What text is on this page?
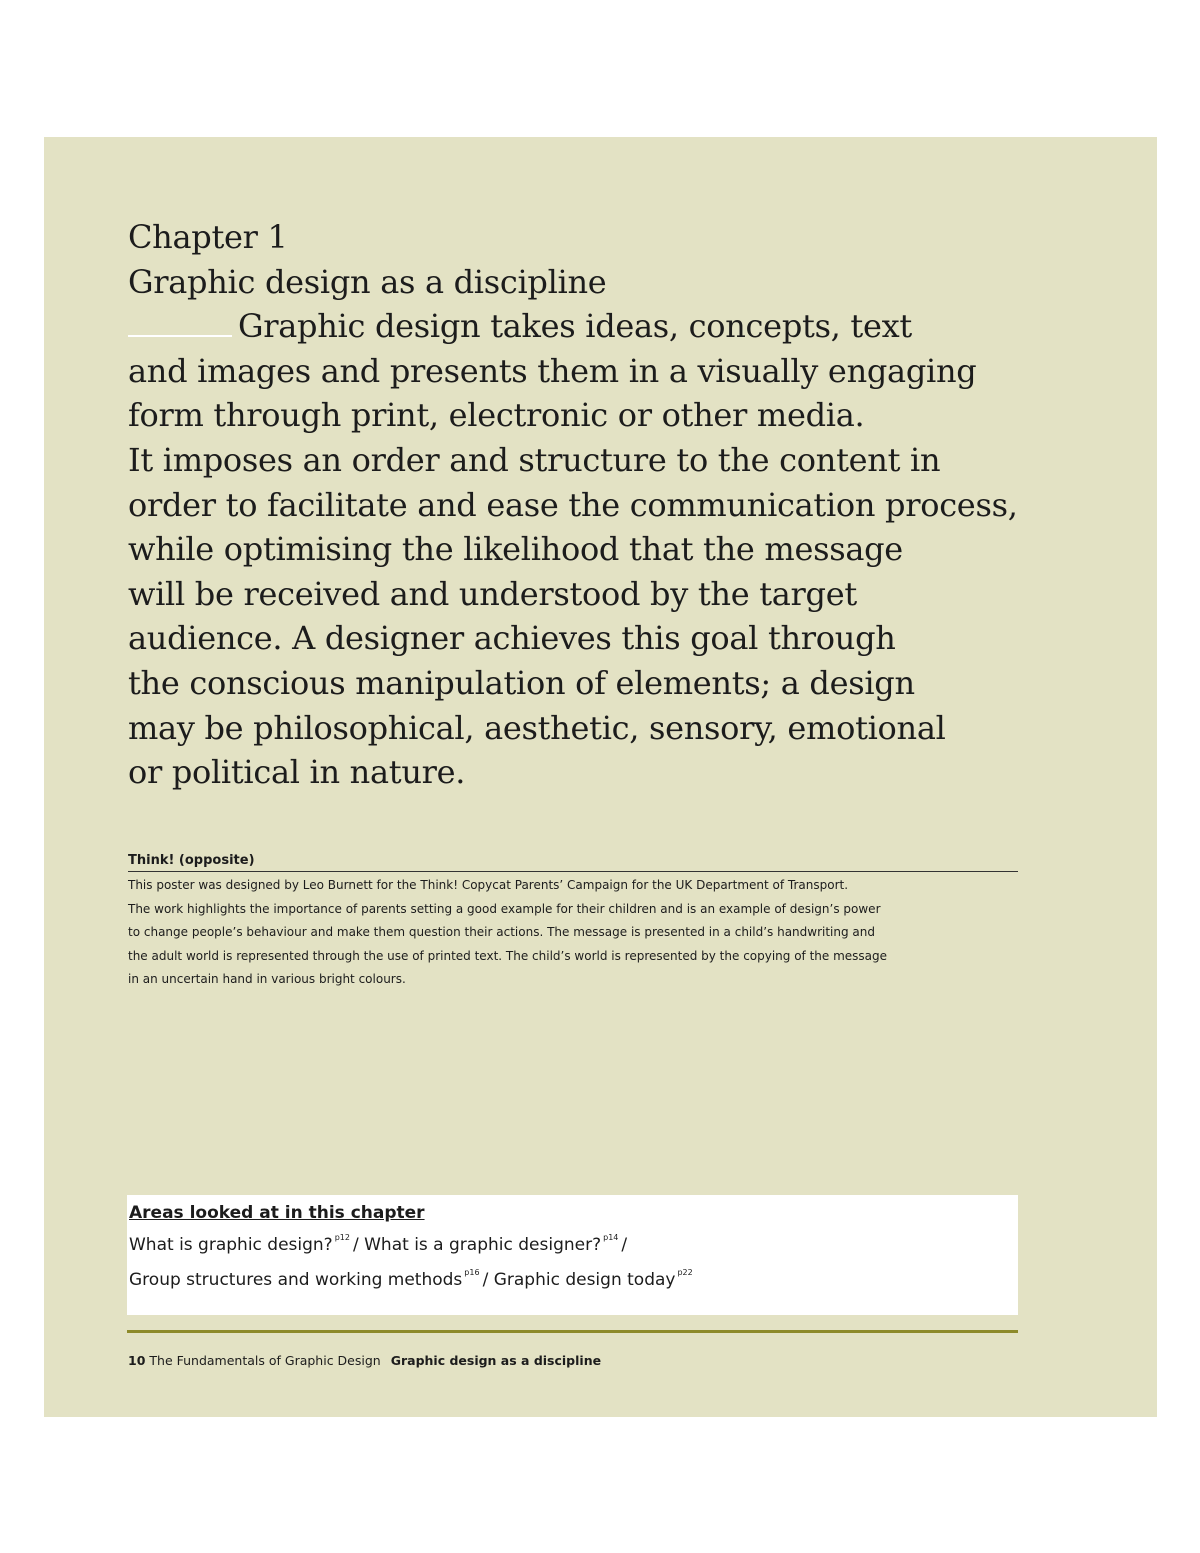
Chapter 1

Graphic design as a discipline

Graphic design takes ideas, concepts, text

and images and presents them in a visually engaging

form through print, electronic or other media.

It imposes an order and structure to the content in

order to facilitate and ease the communication process,

while optimising the likelihood that the message

will be received and understood by the target

audience. A designer achieves this goal through

the conscious manipulation of elements; a design

may be philosophical, aesthetic, sensory, emotional

or political in nature.

Think! (opposite)

This poster was designed by Leo Burnett for the Think! Copycat Parents’ Campaign for the UK Department of Transport.

The work highlights the importance of parents setting a good example for their children and is an example of design’s power

to change people’s behaviour and make them question their actions. The message is presented in a child’s handwriting and

the adult world is represented through the use of printed text. The child’s world is represented by the copying of the message

in an uncertain hand in various bright colours.

Areas looked at in this chapter
What is graphic design? $^{p12}$ / What is a graphic designer? $^{p14}$ /
Group structures and working methods $^{p16}$ / Graphic design today $^{p22}$
10 The Fundamentals of Graphic Design Graphic design as a discipline
